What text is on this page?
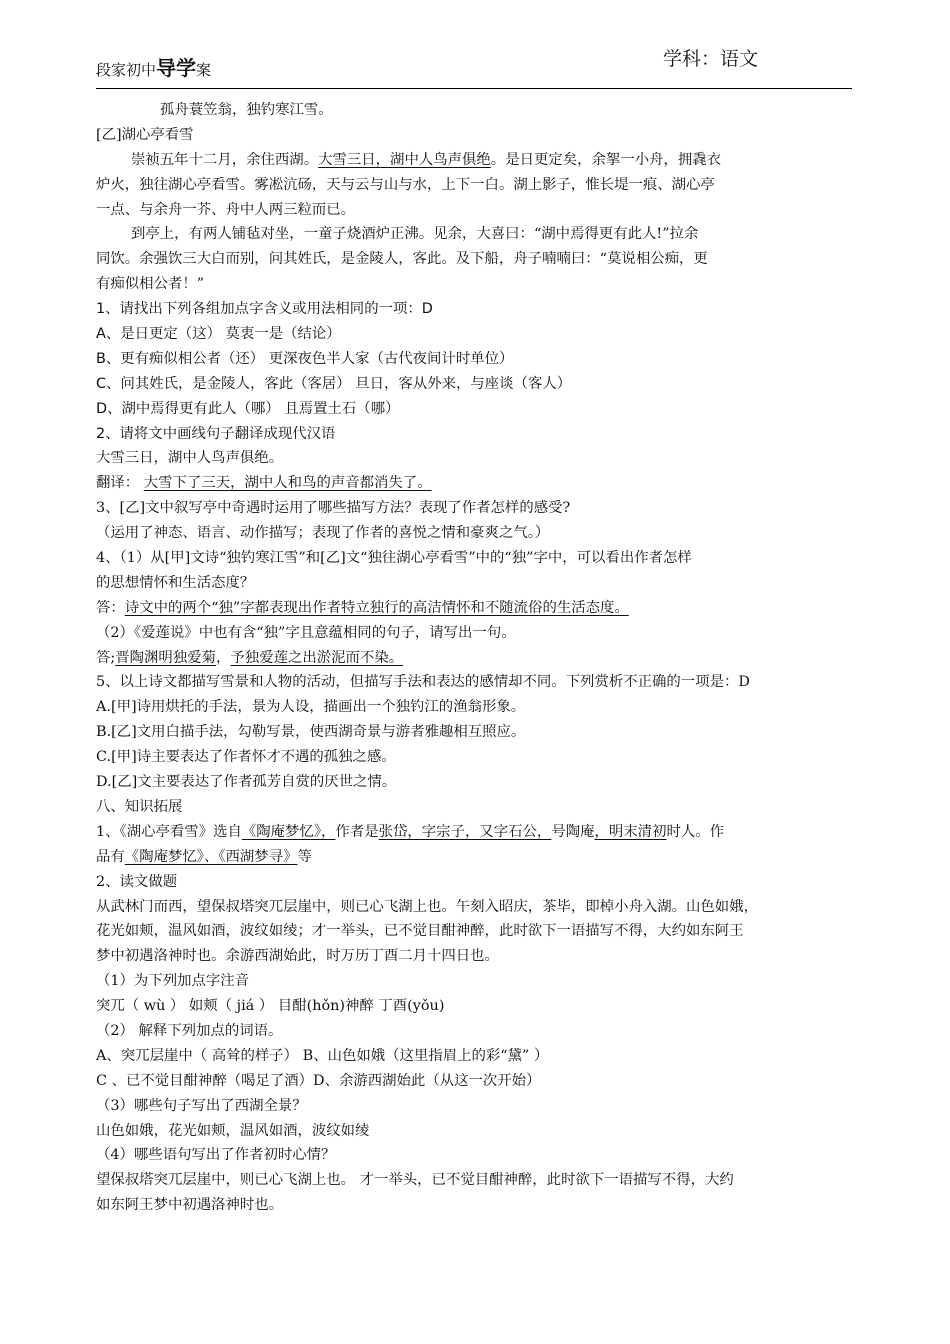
段家初中导学案	学科：语文
孤舟蓑笠翁，独钓寒江雪。
[乙]湖心亭看雪
崇祯五年十二月，余住西湖。大雪三日，湖中人鸟声俱绝。是日更定矣，余挐一小舟，拥毳衣
炉火，独往湖心亭看雪。雾凇沆砀，天与云与山与水，上下一白。湖上影子，惟长堤一痕、湖心亭
一点、与余舟一芥、舟中人两三粒而已。
到亭上，有两人铺毡对坐，一童子烧酒炉正沸。见余，大喜曰：“湖中焉得更有此人!”拉余
同饮。余强饮三大白而别，问其姓氏，是金陵人，客此。及下船，舟子喃喃曰：“莫说相公痴，更
有痴似相公者！”
1、请找出下列各组加点字含义或用法相同的一项：D
A、是日更定（这） 莫衷一是（结论）
B、更有痴似相公者（还） 更深夜色半人家（古代夜间计时单位）
C、问其姓氏，是金陵人，客此（客居） 旦日，客从外来，与座谈（客人）
D、湖中焉得更有此人（哪） 且焉置土石（哪）
2、请将文中画线句子翻译成现代汉语
大雪三日，湖中人鸟声俱绝。
翻译： 大雪下了三天，湖中人和鸟的声音都消失了。
3、[乙]文中叙写亭中奇遇时运用了哪些描写方法？表现了作者怎样的感受?
（运用了神态、语言、动作描写；表现了作者的喜悦之情和豪爽之气。）
4、（1）从[甲]文诗“独钓寒江雪”和[乙]文“独往湖心亭看雪”中的“独”字中，可以看出作者怎样
的思想情怀和生活态度？
答：诗文中的两个“独”字都表现出作者特立独行的高洁情怀和不随流俗的生活态度。
（2）《爱莲说》中也有含“独”字且意蕴相同的句子，请写出一句。
答;晋陶渊明独爱菊，予独爱莲之出淤泥而不染。
5、以上诗文都描写雪景和人物的活动，但描写手法和表达的感情却不同。下列赏析不正确的一项是：D
A.[甲]诗用烘托的手法，景为人设，描画出一个独钓江的渔翁形象。
B.[乙]文用白描手法，勾勒写景，使西湖奇景与游者雅趣相互照应。
C.[甲]诗主要表达了作者怀才不遇的孤独之感。
D.[乙]文主要表达了作者孤芳自赏的厌世之情。
八、知识拓展
1、《湖心亭看雪》选自《陶庵梦忆》，作者是张岱，字宗子，又字石公，号陶庵，明末清初时人。作
品有《陶庵梦忆》、《西湖梦寻》等
2、读文做题
从武林门而西，望保叔塔突兀层崖中，则已心飞湖上也。午刻入昭庆，茶毕，即棹小舟入湖。山色如娥，
花光如颊，温风如酒，波纹如绫；才一举头，已不觉目酣神醉，此时欲下一语描写不得，大约如东阿王
梦中初遇洛神时也。余游西湖始此，时万历丁酉二月十四日也。
（1）为下列加点字注音
突兀（ wù ） 如颊（ jiá ） 目酣(hǒn)神醉 丁酉(yǒu)
（2） 解释下列加点的词语。
A、突兀层崖中（ 高耸的样子） B、山色如娥（这里指眉上的彩“黛” ）
C 、已不觉目酣神醉（喝足了酒）D、余游西湖始此（从这一次开始）
（3）哪些句子写出了西湖全景？
山色如娥，花光如颊，温风如酒，波纹如绫
（4）哪些语句写出了作者初时心情？
望保叔塔突兀层崖中，则已心飞湖上也。 才一举头，已不觉目酣神醉，此时欲下一语描写不得，大约
如东阿王梦中初遇洛神时也。
